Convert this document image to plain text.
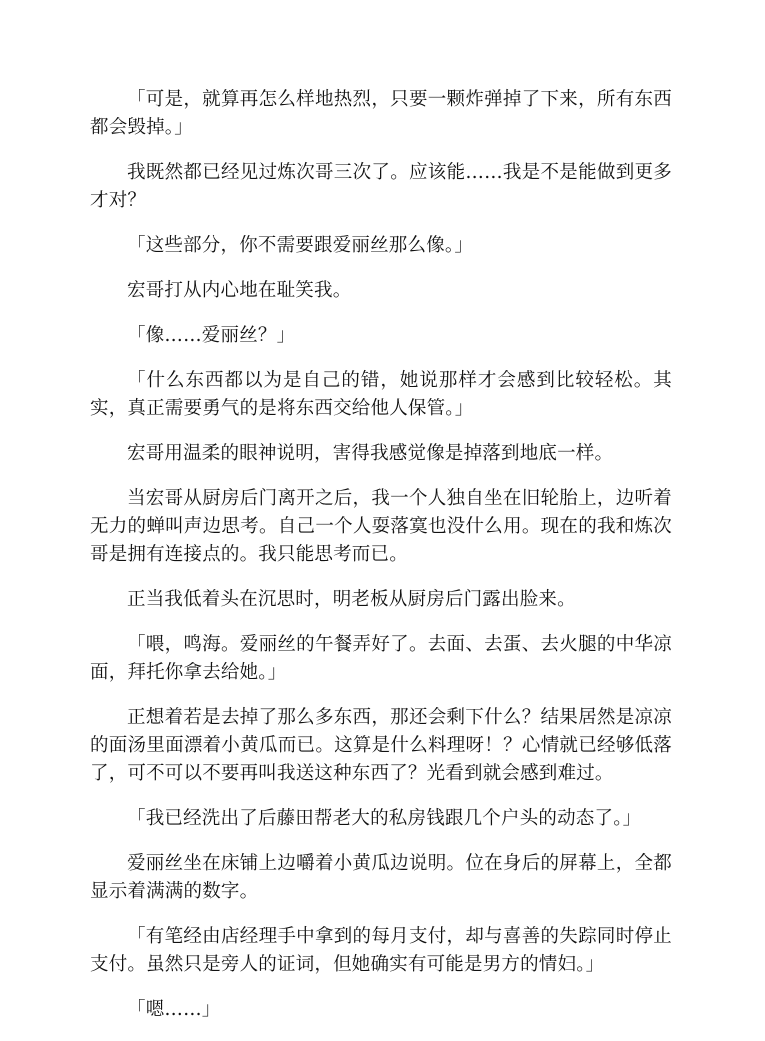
「可是，就算再怎么样地热烈，只要一颗炸弹掉了下来，所有东西都会毁掉。」

我既然都已经见过炼次哥三次了。应该能……我是不是能做到更多才对？

「这些部分，你不需要跟爱丽丝那么像。」

宏哥打从内心地在耻笑我。

「像……爱丽丝？」

「什么东西都以为是自己的错，她说那样才会感到比较轻松。其实，真正需要勇气的是将东西交给他人保管。」

宏哥用温柔的眼神说明，害得我感觉像是掉落到地底一样。

当宏哥从厨房后门离开之后，我一个人独自坐在旧轮胎上，边听着无力的蝉叫声边思考。自己一个人耍落寞也没什么用。现在的我和炼次哥是拥有连接点的。我只能思考而已。

正当我低着头在沉思时，明老板从厨房后门露出脸来。

「喂，鸣海。爱丽丝的午餐弄好了。去面、去蛋、去火腿的中华凉面，拜托你拿去给她。」

正想着若是去掉了那么多东西，那还会剩下什么？结果居然是凉凉的面汤里面漂着小黄瓜而已。这算是什么料理呀！？心情就已经够低落了，可不可以不要再叫我送这种东西了？光看到就会感到难过。

「我已经洗出了后藤田帮老大的私房钱跟几个户头的动态了。」

爱丽丝坐在床铺上边嚼着小黄瓜边说明。位在身后的屏幕上，全都显示着满满的数字。

「有笔经由店经理手中拿到的每月支付，却与喜善的失踪同时停止支付。虽然只是旁人的证词，但她确实有可能是男方的情妇。」

「嗯……」
